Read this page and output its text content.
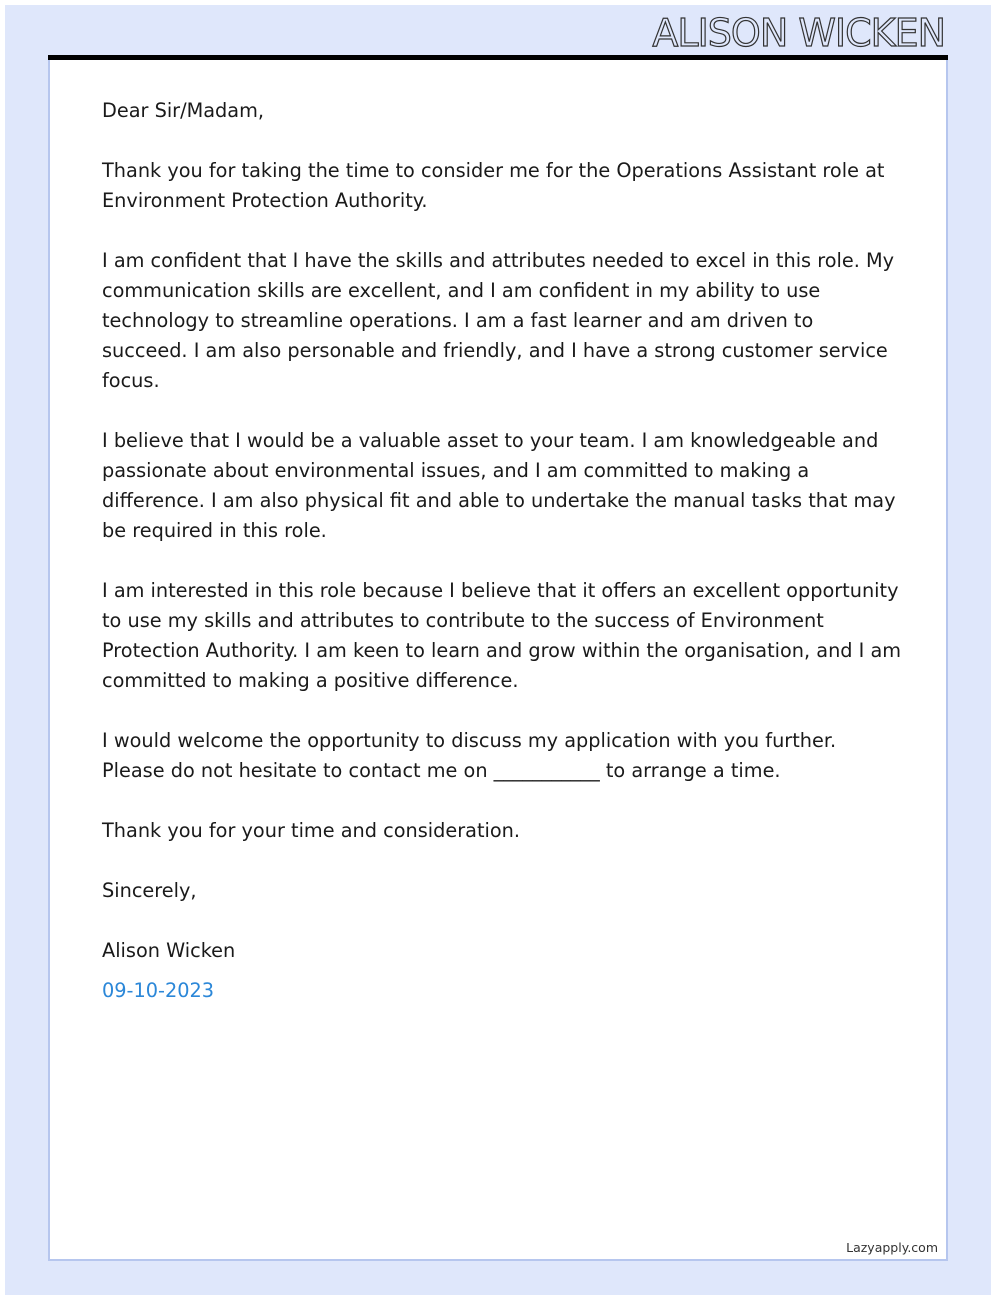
ALISON WICKEN

Dear Sir/Madam,

Thank you for taking the time to consider me for the Operations Assistant role at Environment Protection Authority.

I am confident that I have the skills and attributes needed to excel in this role. My communication skills are excellent, and I am confident in my ability to use technology to streamline operations. I am a fast learner and am driven to succeed. I am also personable and friendly, and I have a strong customer service focus.

I believe that I would be a valuable asset to your team. I am knowledgeable and passionate about environmental issues, and I am committed to making a difference. I am also physical fit and able to undertake the manual tasks that may be required in this role.

I am interested in this role because I believe that it offers an excellent opportunity to use my skills and attributes to contribute to the success of Environment Protection Authority. I am keen to learn and grow within the organisation, and I am committed to making a positive difference.

I would welcome the opportunity to discuss my application with you further. Please do not hesitate to contact me on ___________ to arrange a time.

Thank you for your time and consideration.

Sincerely,

Alison Wicken

09-10-2023

Lazyapply.com
